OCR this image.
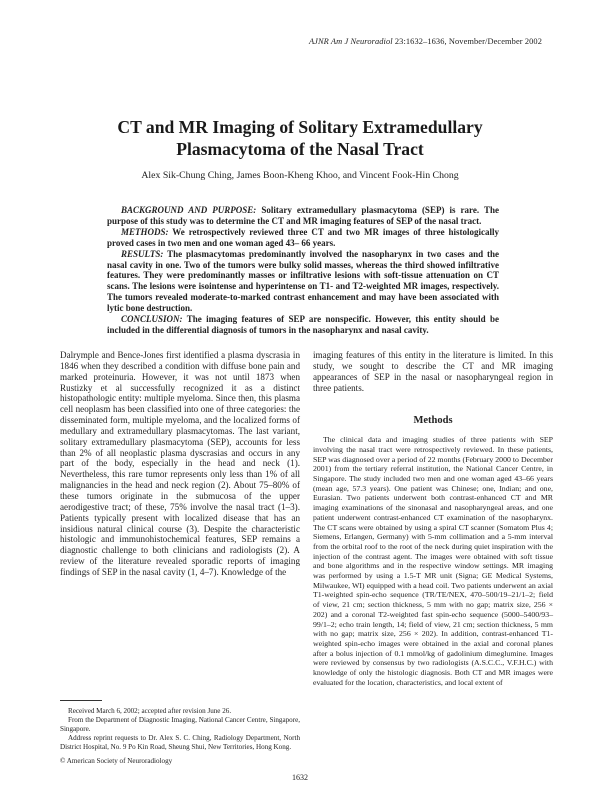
AJNR Am J Neuroradiol 23:1632–1636, November/December 2002
CT and MR Imaging of Solitary Extramedullary
Plasmacytoma of the Nasal Tract
Alex Sik-Chung Ching, James Boon-Kheng Khoo, and Vincent Fook-Hin Chong

BACKGROUND AND PURPOSE: Solitary extramedullary plasmacytoma (SEP) is rare. The purpose of this study was to determine the CT and MR imaging features of SEP of the nasal tract.

METHODS: We retrospectively reviewed three CT and two MR images of three histologically proved cases in two men and one woman aged 43– 66 years.

RESULTS: The plasmacytomas predominantly involved the nasopharynx in two cases and the nasal cavity in one. Two of the tumors were bulky solid masses, whereas the third showed infiltrative features. They were predominantly masses or infiltrative lesions with soft-tissue attenuation on CT scans. The lesions were isointense and hyperintense on T1- and T2-weighted MR images, respectively. The tumors revealed moderate-to-marked contrast enhancement and may have been associated with lytic bone destruction.

CONCLUSION: The imaging features of SEP are nonspecific. However, this entity should be included in the differential diagnosis of tumors in the nasopharynx and nasal cavity.

Dalrymple and Bence-Jones first identified a plasma dyscrasia in 1846 when they described a condition with diffuse bone pain and marked proteinuria. However, it was not until 1873 when Rustizky et al successfully recognized it as a distinct histopathologic entity: multiple myeloma. Since then, this plasma cell neoplasm has been classified into one of three categories: the disseminated form, multiple myeloma, and the localized forms of medullary and extramedullary plasmacytomas. The last variant, solitary extramedullary plasmacytoma (SEP), accounts for less than 2% of all neoplastic plasma dyscrasias and occurs in any part of the body, especially in the head and neck (1). Nevertheless, this rare tumor represents only less than 1% of all malignancies in the head and neck region (2). About 75–80% of these tumors originate in the submucosa of the upper aerodigestive tract; of these, 75% involve the nasal tract (1–3). Patients typically present with localized disease that has an insidious natural clinical course (3). Despite the characteristic histologic and immunohistochemical features, SEP remains a diagnostic challenge to both clinicians and radiologists (2). A review of the literature revealed sporadic reports of imaging findings of SEP in the nasal cavity (1, 4–7). Knowledge of the

imaging features of this entity in the literature is limited. In this study, we sought to describe the CT and MR imaging appearances of SEP in the nasal or nasopharyngeal region in three patients.

Methods

The clinical data and imaging studies of three patients with SEP involving the nasal tract were retrospectively reviewed. In these patients, SEP was diagnosed over a period of 22 months (February 2000 to December 2001) from the tertiary referral institution, the National Cancer Centre, in Singapore. The study included two men and one woman aged 43–66 years (mean age, 57.3 years). One patient was Chinese; one, Indian; and one, Eurasian. Two patients underwent both contrast-enhanced CT and MR imaging examinations of the sinonasal and nasopharyngeal areas, and one patient underwent contrast-enhanced CT examination of the nasopharynx. The CT scans were obtained by using a spiral CT scanner (Somatom Plus 4; Siemens, Erlangen, Germany) with 5-mm collimation and a 5-mm interval from the orbital roof to the root of the neck during quiet inspiration with the injection of the contrast agent. The images were obtained with soft tissue and bone algorithms and in the respective window settings. MR imaging was performed by using a 1.5-T MR unit (Signa; GE Medical Systems, Milwaukee, WI) equipped with a head coil. Two patients underwent an axial T1-weighted spin-echo sequence (TR/TE/NEX, 470–500/19–21/1–2; field of view, 21 cm; section thickness, 5 mm with no gap; matrix size, 256 × 202) and a coronal T2-weighted fast spin-echo sequence (5000–5400/93–99/1–2; echo train length, 14; field of view, 21 cm; section thickness, 5 mm with no gap; matrix size, 256 × 202). In addition, contrast-enhanced T1-weighted spin-echo images were obtained in the axial and coronal planes after a bolus injection of 0.1 mmol/kg of gadolinium dimeglumine. Images were reviewed by consensus by two radiologists (A.S.C.C., V.F.H.C.) with knowledge of only the histologic diagnosis. Both CT and MR images were evaluated for the location, characteristics, and local extent of

Received March 6, 2002; accepted after revision June 26.

From the Department of Diagnostic Imaging, National Cancer Centre, Singapore, Singapore.

Address reprint requests to Dr. Alex S. C. Ching, Radiology Department, North District Hospital, No. 9 Po Kin Road, Sheung Shui, New Territories, Hong Kong.

© American Society of Neuroradiology

1632
